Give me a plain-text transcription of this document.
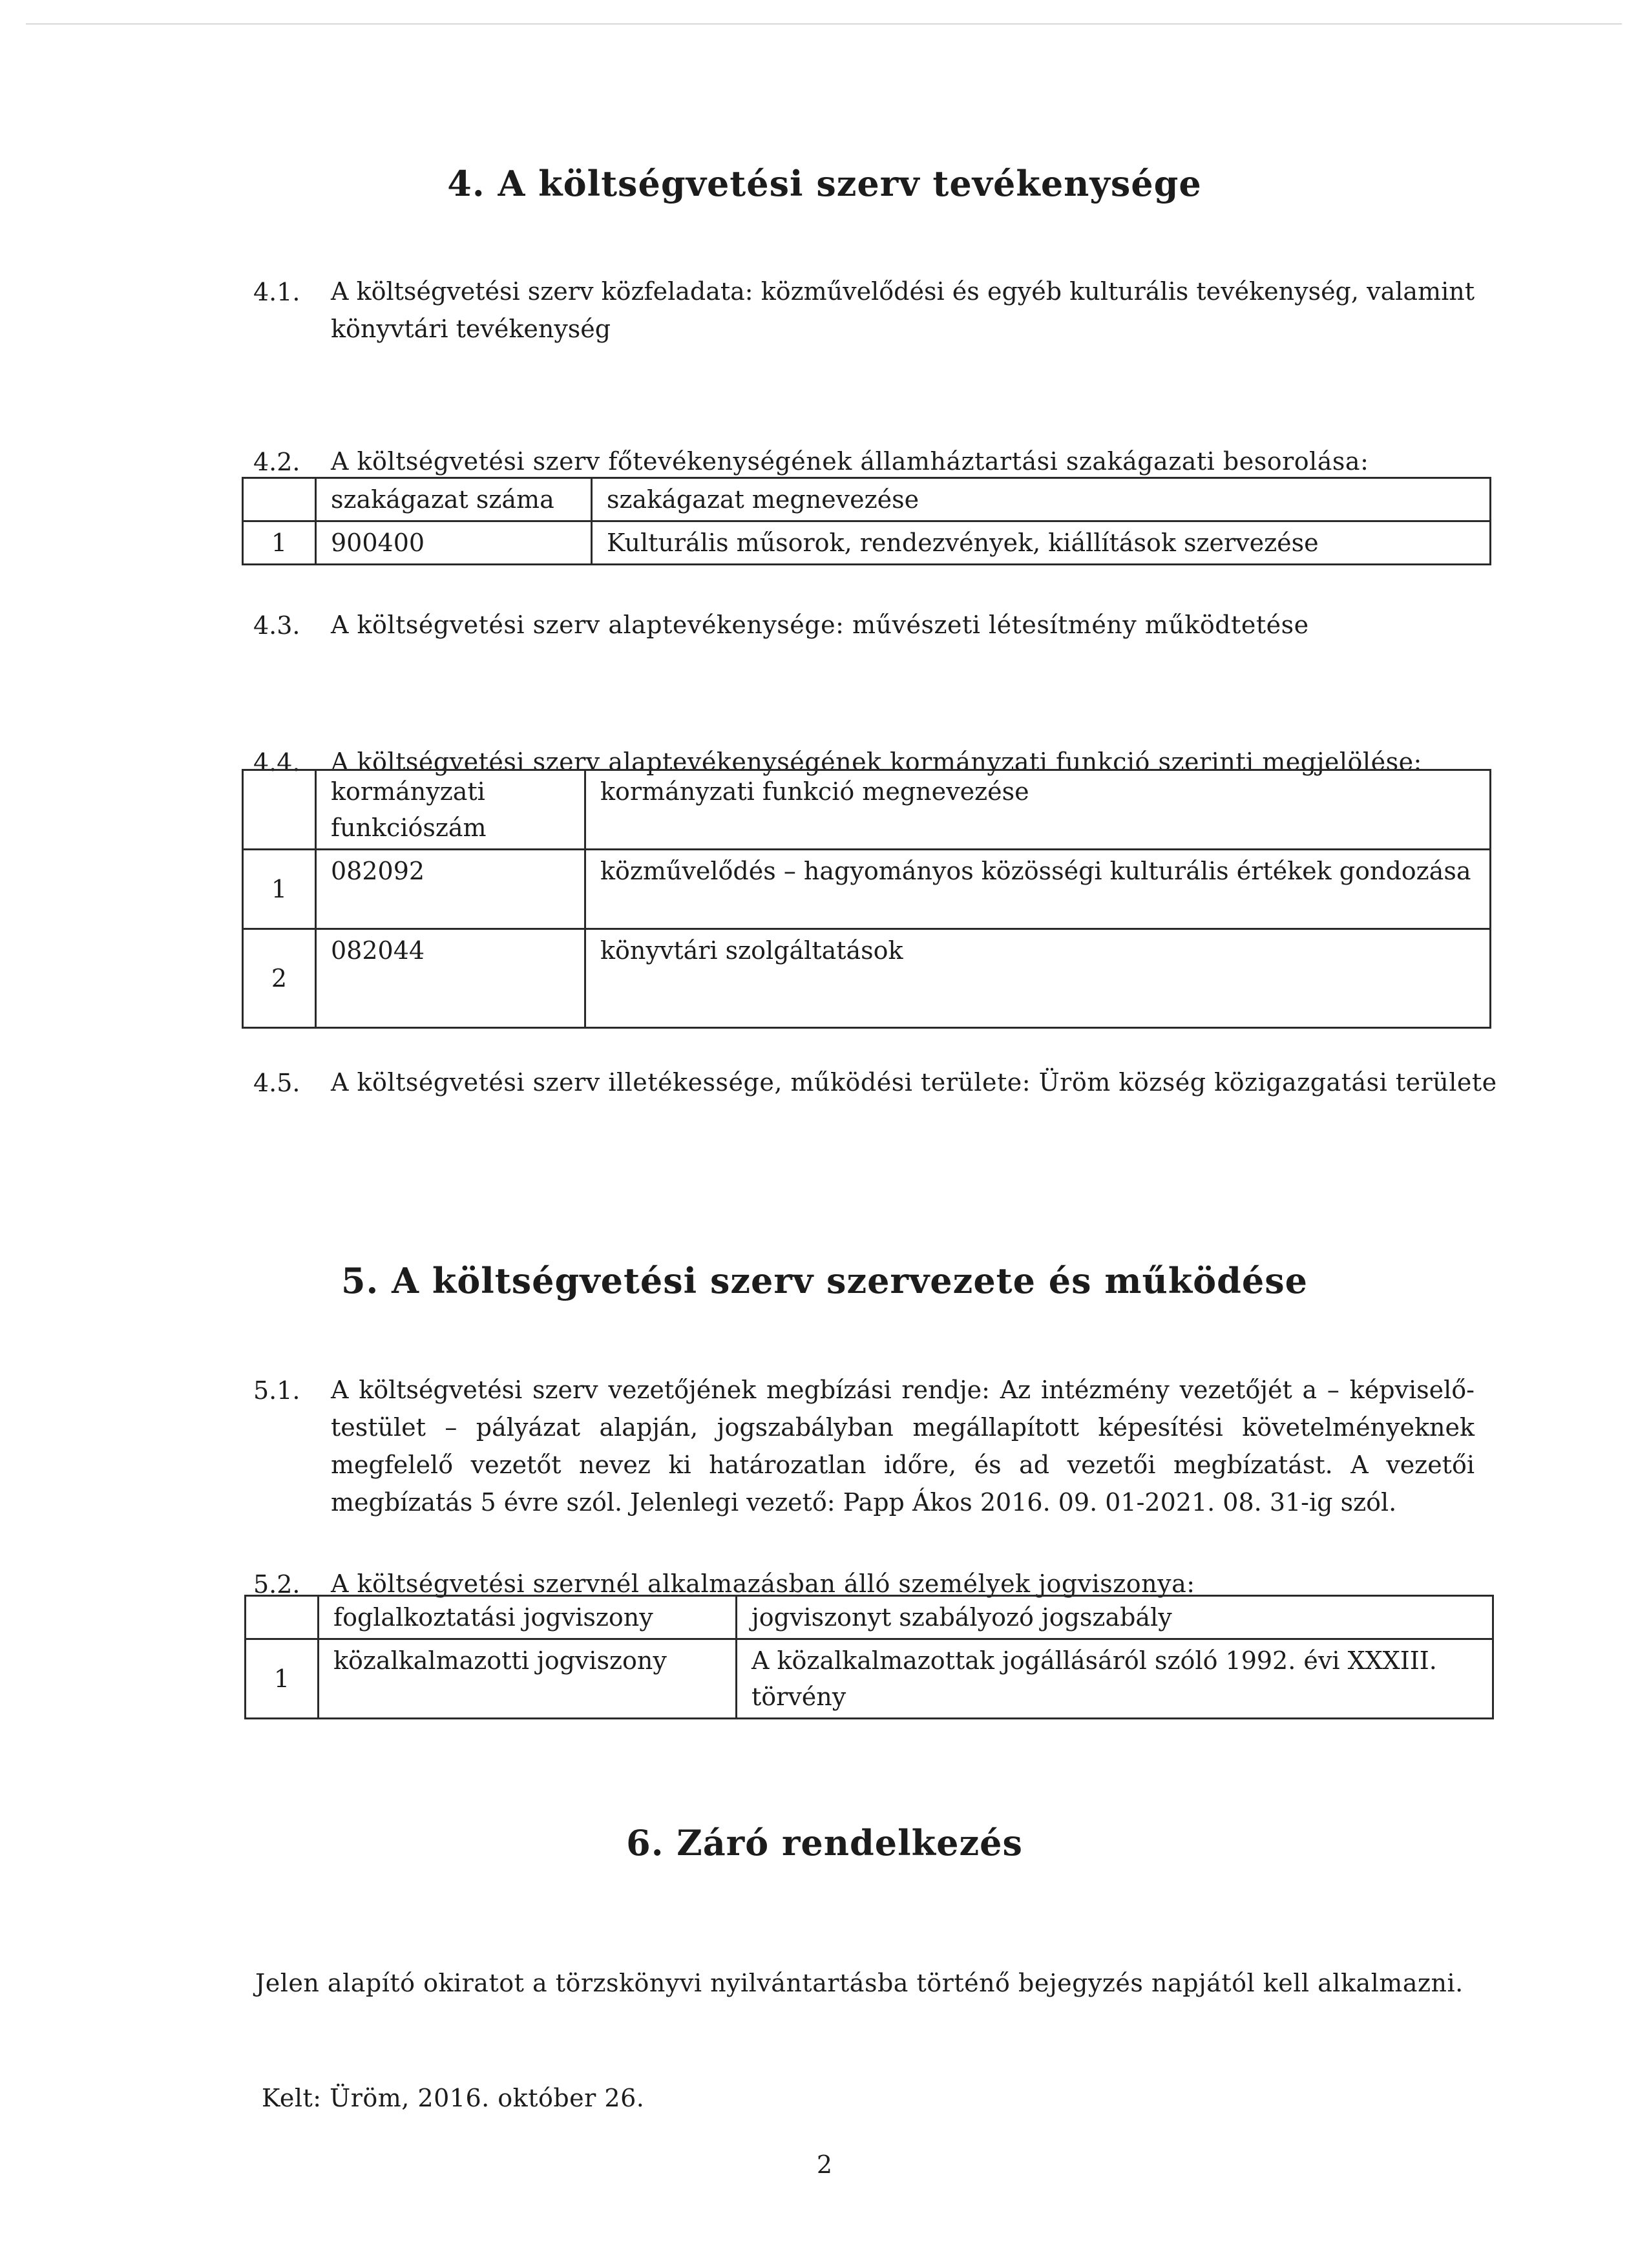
4. A költségvetési szerv tevékenysége
4.1. A költségvetési szerv közfeladata: közművelődési és egyéb kulturális tevékenység, valamint könyvtári tevékenység
4.2. A költségvetési szerv főtevékenységének államháztartási szakágazati besorolása:
	szakágazat száma	szakágazat megnevezése
1	900400	Kulturális műsorok, rendezvények, kiállítások szervezése
4.3. A költségvetési szerv alaptevékenysége: művészeti létesítmény működtetése
4.4. A költségvetési szerv alaptevékenységének kormányzati funkció szerinti megjelölése:
	kormányzati funkciószám	kormányzati funkció megnevezése
1	082092	közművelődés – hagyományos közösségi kulturális értékek gondozása
2	082044	könyvtári szolgáltatások
4.5. A költségvetési szerv illetékessége, működési területe: Üröm község közigazgatási területe
5. A költségvetési szerv szervezete és működése
5.1. A költségvetési szerv vezetőjének megbízási rendje: Az intézmény vezetőjét a – képviselő-testület – pályázat alapján, jogszabályban megállapított képesítési követelményeknek megfelelő vezetőt nevez ki határozatlan időre, és ad vezetői megbízatást. A vezetői megbízatás 5 évre szól. Jelenlegi vezető: Papp Ákos 2016. 09. 01-2021. 08. 31-ig szól.
5.2. A költségvetési szervnél alkalmazásban álló személyek jogviszonya:
	foglalkoztatási jogviszony	jogviszonyt szabályozó jogszabály
1	közalkalmazotti jogviszony	A közalkalmazottak jogállásáról szóló 1992. évi XXXIII. törvény
6. Záró rendelkezés
Jelen alapító okiratot a törzskönyvi nyilvántartásba történő bejegyzés napjától kell alkalmazni.
Kelt: Üröm, 2016. október 26.
2
